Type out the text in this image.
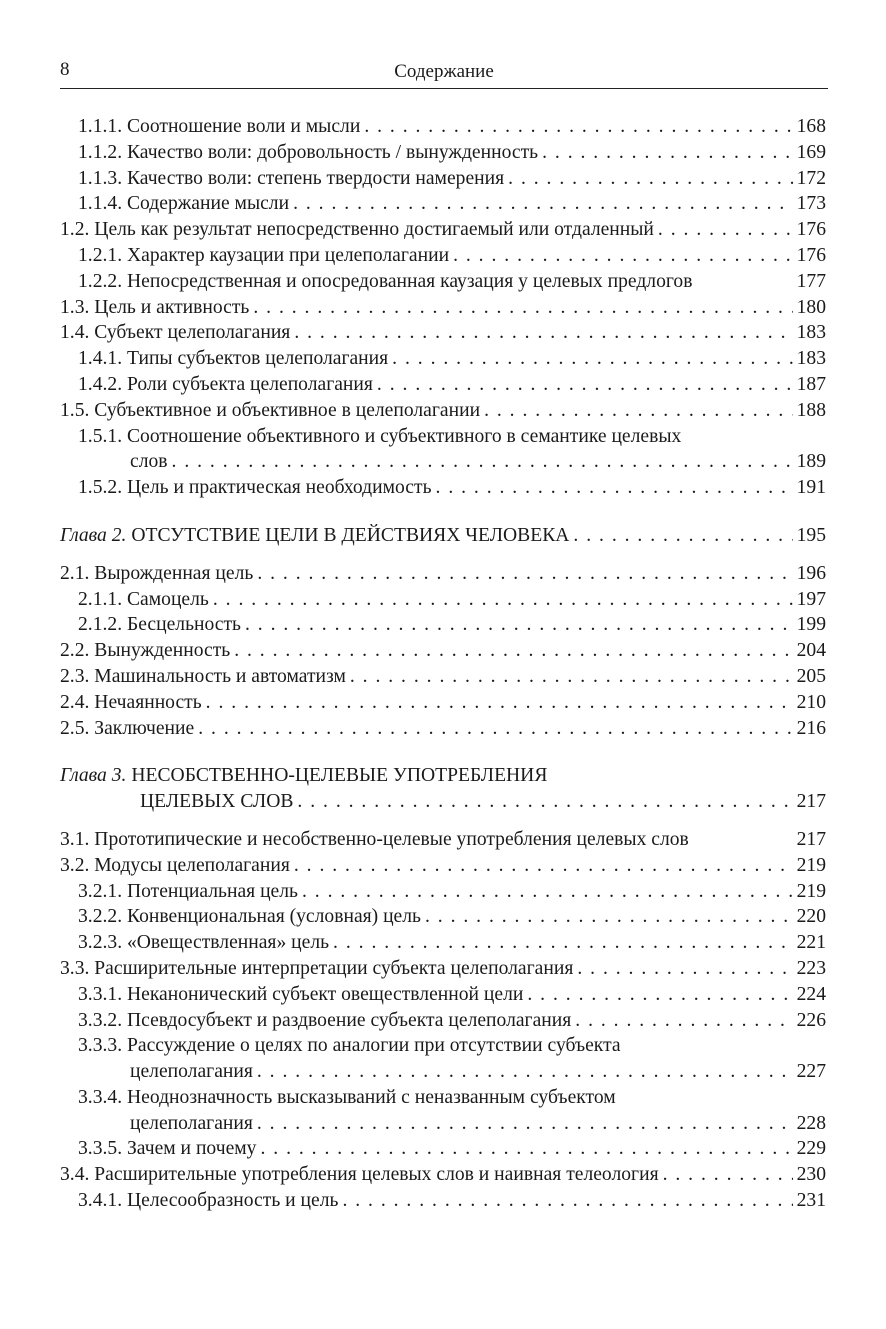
8	Содержание
1.1.1. Соотношение воли и мысли . . .	168
1.1.2. Качество воли: добровольность / вынужденность . . .	169
1.1.3. Качество воли: степень твердости намерения . . .	172
1.1.4. Содержание мысли . . .	173
1.2. Цель как результат непосредственно достигаемый или отдаленный . . .	176
1.2.1. Характер каузации при целеполагании . . .	176
1.2.2. Непосредственная и опосредованная каузация у целевых предлогов	177
1.3. Цель и активность . . .	180
1.4. Субъект целеполагания . . .	183
1.4.1. Типы субъектов целеполагания . . .	183
1.4.2. Роли субъекта целеполагания . . .	187
1.5. Субъективное и объективное в целеполагании . . .	188
1.5.1. Соотношение объективного и субъективного в семантике целевых
слов . . .	189
1.5.2. Цель и практическая необходимость . . .	191
Глава 2. ОТСУТСТВИЕ ЦЕЛИ В ДЕЙСТВИЯХ ЧЕЛОВЕКА . . .	195
2.1. Вырожденная цель . . .	196
2.1.1. Самоцель . . .	197
2.1.2. Бесцельность . . .	199
2.2. Вынужденность . . .	204
2.3. Машинальность и автоматизм . . .	205
2.4. Нечаянность . . .	210
2.5. Заключение . . .	216
Глава 3. НЕСОБСТВЕННО-ЦЕЛЕВЫЕ УПОТРЕБЛЕНИЯ
ЦЕЛЕВЫХ СЛОВ . . .	217
3.1. Прототипические и несобственно-целевые употребления целевых слов	217
3.2. Модусы целеполагания . . .	219
3.2.1. Потенциальная цель . . .	219
3.2.2. Конвенциональная (условная) цель . . .	220
3.2.3. «Овеществленная» цель . . .	221
3.3. Расширительные интерпретации субъекта целеполагания . . .	223
3.3.1. Неканонический субъект овеществленной цели . . .	224
3.3.2. Псевдосубъект и раздвоение субъекта целеполагания . . .	226
3.3.3. Рассуждение о целях по аналогии при отсутствии субъекта
целеполагания . . .	227
3.3.4. Неоднозначность высказываний с неназванным субъектом
целеполагания . . .	228
3.3.5. Зачем и почему . . .	229
3.4. Расширительные употребления целевых слов и наивная телеология . . .	230
3.4.1. Целесообразность и цель . . .	231
